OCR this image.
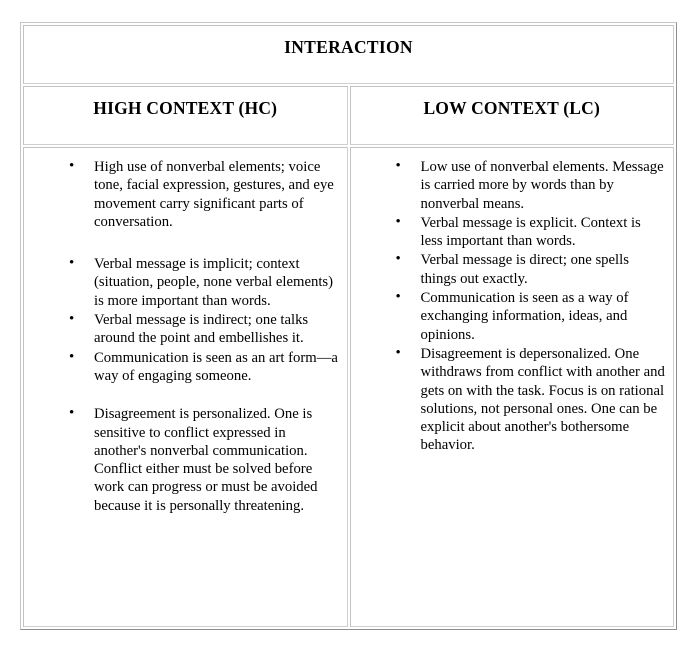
INTERACTION	
HIGH CONTEXT (HC)	LOW CONTEXT (LC)

• High use of nonverbal elements; voice tone, facial expression, gestures, and eye movement carry significant parts of conversation.
• Verbal message is implicit; context (situation, people, none verbal elements) is more important than words.
• Verbal message is indirect; one talks around the point and embellishes it.
• Communication is seen as an art form—a way of engaging someone.
• Disagreement is personalized. One is sensitive to conflict expressed in another's nonverbal communication. Conflict either must be solved before work can progress or must be avoided because it is personally threatening.

• Low use of nonverbal elements. Message is carried more by words than by nonverbal means.
• Verbal message is explicit. Context is less important than words.
• Verbal message is direct; one spells things out exactly.
• Communication is seen as a way of exchanging information, ideas, and opinions.
• Disagreement is depersonalized. One withdraws from conflict with another and gets on with the task. Focus is on rational solutions, not personal ones. One can be explicit about another's bothersome behavior.
